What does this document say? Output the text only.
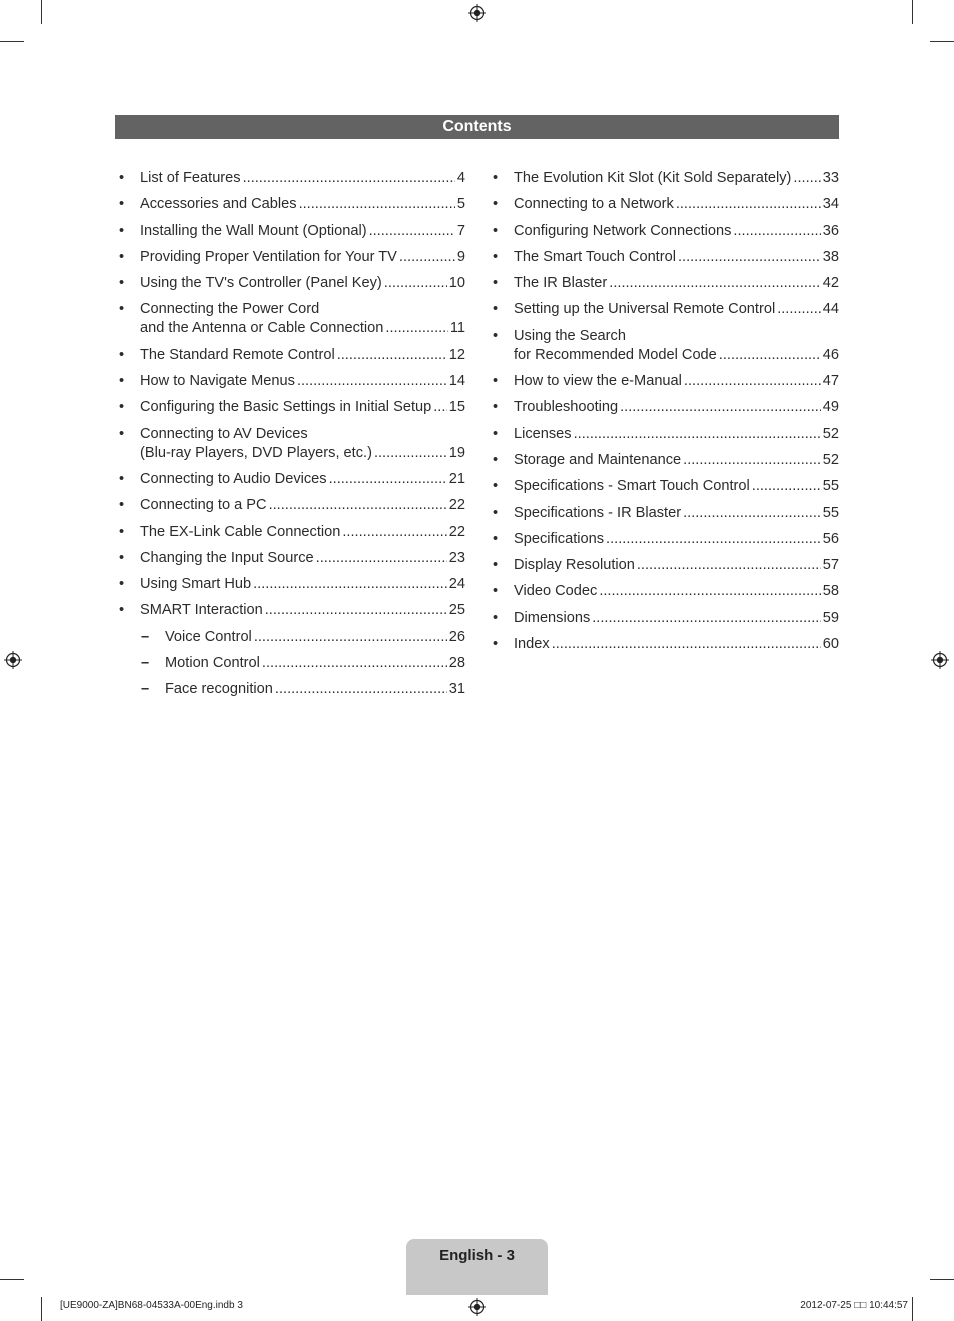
Contents
• List of Features .....	4
• Accessories and Cables .....	5
• Installing the Wall Mount (Optional) .....	7
• Providing Proper Ventilation for Your TV .....	9
• Using the TV's Controller (Panel Key) .....	10
• Connecting the Power Cord
and the Antenna or Cable Connection .....	11
• The Standard Remote Control .....	12
• How to Navigate Menus .....	14
• Configuring the Basic Settings in Initial Setup ..... 15
• Connecting to AV Devices
(Blu-ray Players, DVD Players, etc.) .....	19
• Connecting to Audio Devices .....	21
• Connecting to a PC .....	22
• The EX-Link Cable Connection .....	22
• Changing the Input Source .....	23
• Using Smart Hub .....	24
• SMART Interaction .....	25
– Voice Control .....	26
– Motion Control .....	28
– Face recognition .....	31
• The Evolution Kit Slot (Kit Sold Separately) ..... 33
• Connecting to a Network .....	34
• Configuring Network Connections .....	36
• The Smart Touch Control .....	38
• The IR Blaster .....	42
• Setting up the Universal Remote Control .....	44
• Using the Search
for Recommended Model Code .....	46
• How to view the e-Manual .....	47
• Troubleshooting .....	49
• Licenses .....	52
• Storage and Maintenance .....	52
• Specifications - Smart Touch Control .....	55
• Specifications - IR Blaster .....	55
• Specifications .....	56
• Display Resolution .....	57
• Video Codec .....	58
• Dimensions .....	59
• Index .....	60
English - 3
[UE9000-ZA]BN68-04533A-00Eng.indb 3	2012-07-25 □□ 10:44:57
